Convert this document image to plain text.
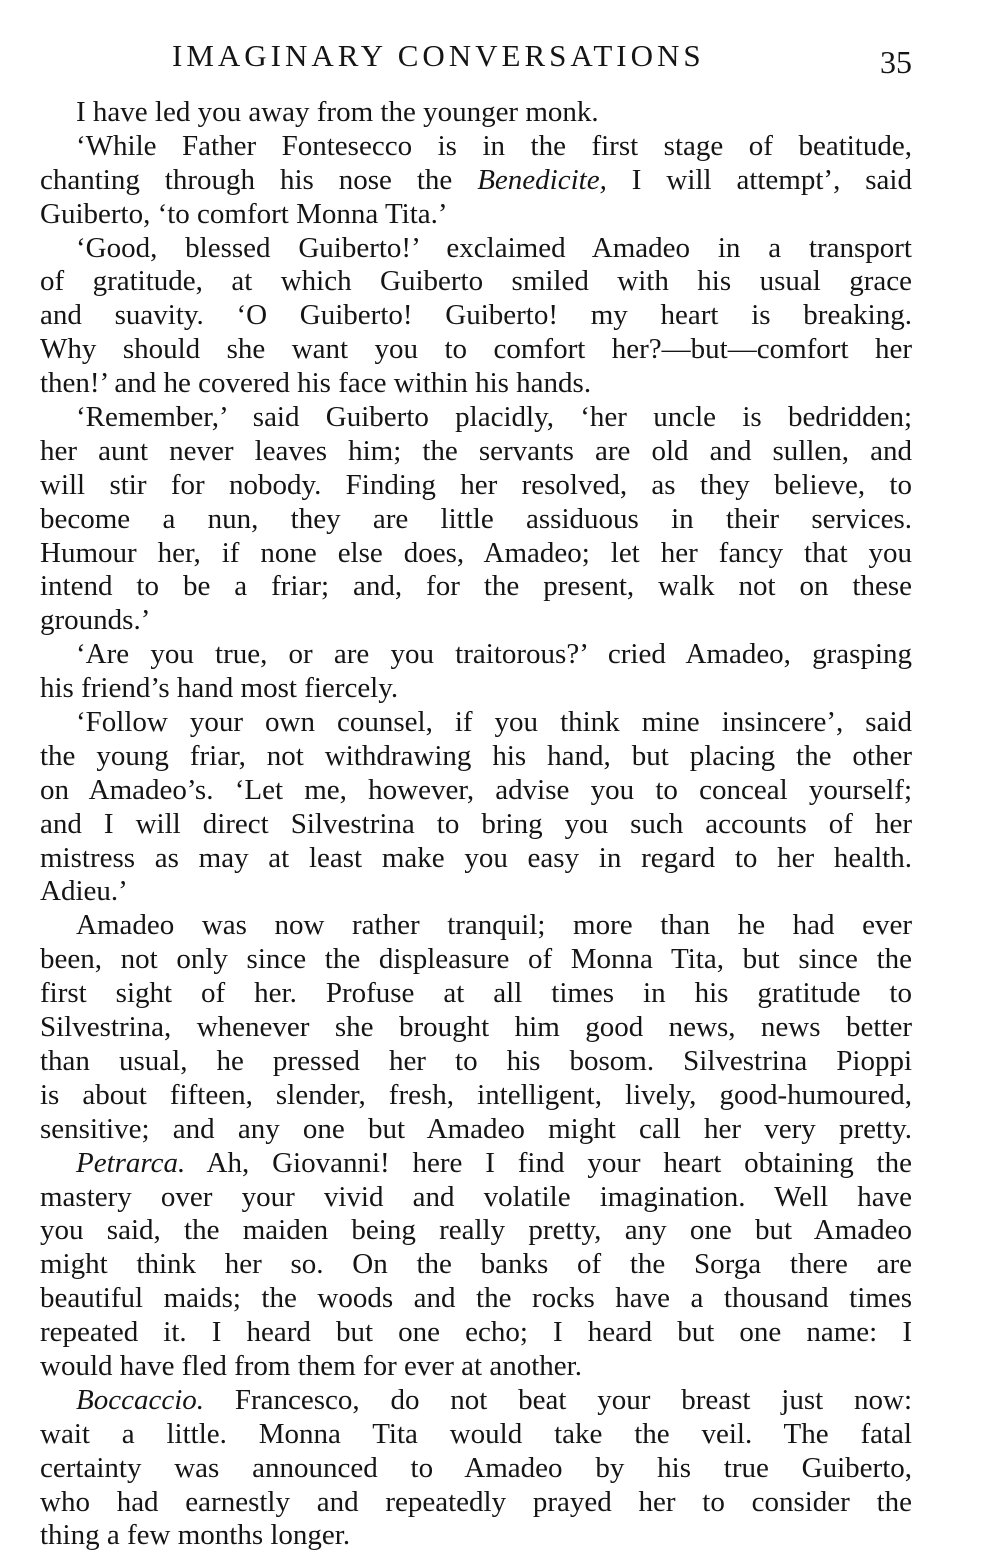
IMAGINARY CONVERSATIONS	35
I have led you away from the younger monk.
‘While Father Fontesecco is in the first stage of beatitude,
chanting through his nose the Benedicite, I will attempt’, said
Guiberto, ‘to comfort Monna Tita.’
‘Good, blessed Guiberto!’ exclaimed Amadeo in a transport
of gratitude, at which Guiberto smiled with his usual grace
and suavity. ‘O Guiberto! Guiberto! my heart is breaking.
Why should she want you to comfort her?—but—comfort her
then!’ and he covered his face within his hands.
‘Remember,’ said Guiberto placidly, ‘her uncle is bedridden;
her aunt never leaves him; the servants are old and sullen, and
will stir for nobody. Finding her resolved, as they believe, to
become a nun, they are little assiduous in their services.
Humour her, if none else does, Amadeo; let her fancy that you
intend to be a friar; and, for the present, walk not on these
grounds.’
‘Are you true, or are you traitorous?’ cried Amadeo, grasping
his friend’s hand most fiercely.
‘Follow your own counsel, if you think mine insincere’, said
the young friar, not withdrawing his hand, but placing the other
on Amadeo’s. ‘Let me, however, advise you to conceal yourself;
and I will direct Silvestrina to bring you such accounts of her
mistress as may at least make you easy in regard to her health.
Adieu.’
Amadeo was now rather tranquil; more than he had ever
been, not only since the displeasure of Monna Tita, but since the
first sight of her. Profuse at all times in his gratitude to
Silvestrina, whenever she brought him good news, news better
than usual, he pressed her to his bosom. Silvestrina Pioppi
is about fifteen, slender, fresh, intelligent, lively, good-humoured,
sensitive; and any one but Amadeo might call her very pretty.
Petrarca. Ah, Giovanni! here I find your heart obtaining the
mastery over your vivid and volatile imagination. Well have
you said, the maiden being really pretty, any one but Amadeo
might think her so. On the banks of the Sorga there are
beautiful maids; the woods and the rocks have a thousand times
repeated it. I heard but one echo; I heard but one name: I
would have fled from them for ever at another.
Boccaccio. Francesco, do not beat your breast just now:
wait a little. Monna Tita would take the veil. The fatal
certainty was announced to Amadeo by his true Guiberto,
who had earnestly and repeatedly prayed her to consider the
thing a few months longer.
